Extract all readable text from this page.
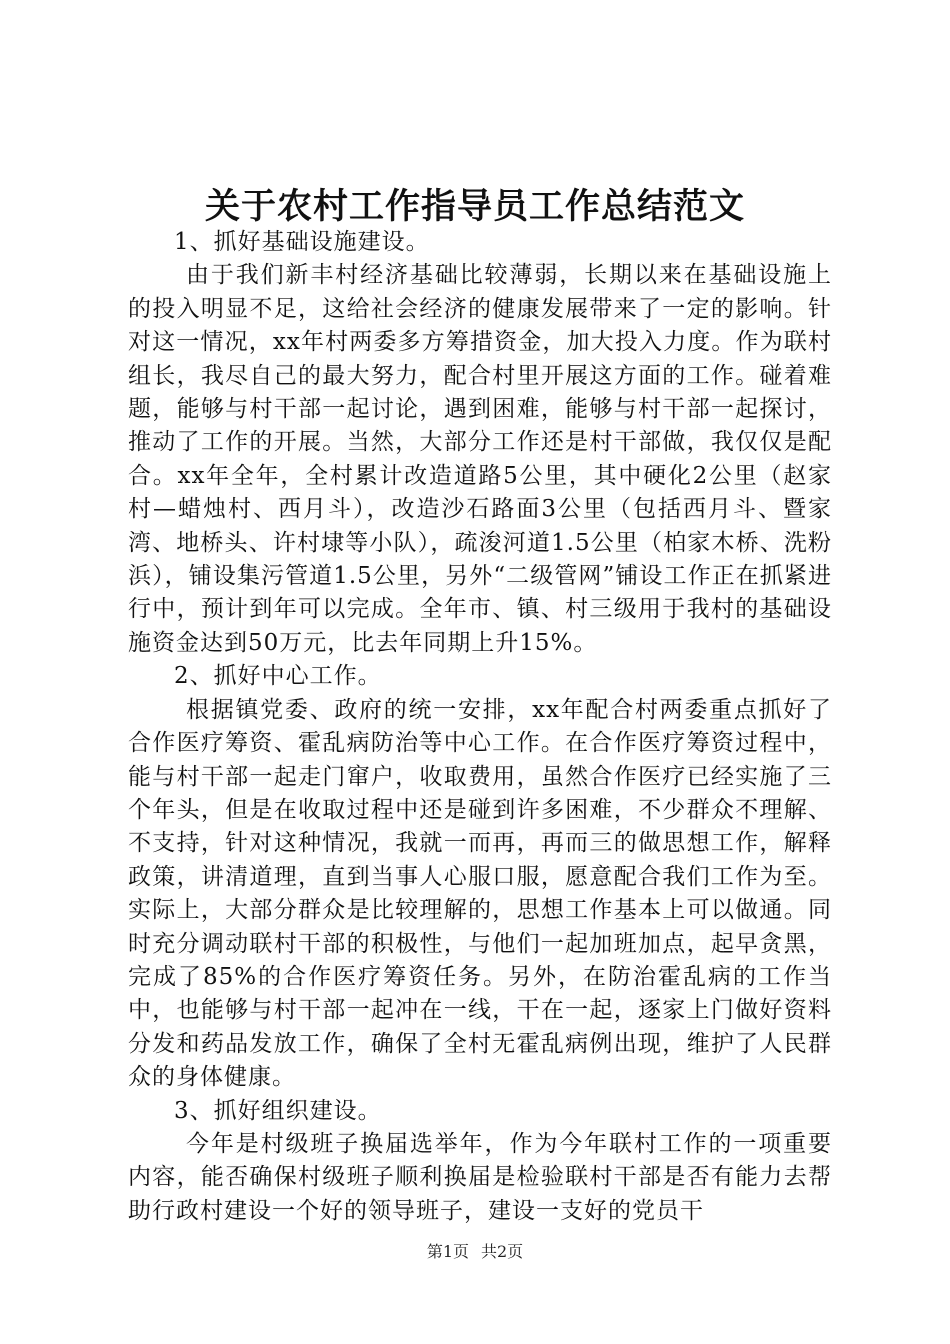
关于农村工作指导员工作总结范文

1、抓好基础设施建设。

由于我们新丰村经济基础比较薄弱，长期以来在基础设施上的投入明显不足，这给社会经济的健康发展带来了一定的影响。针对这一情况，xx年村两委多方筹措资金，加大投入力度。作为联村组长，我尽自己的最大努力，配合村里开展这方面的工作。碰着难题，能够与村干部一起讨论，遇到困难，能够与村干部一起探讨，推动了工作的开展。当然，大部分工作还是村干部做，我仅仅是配合。xx年全年，全村累计改造道路5公里，其中硬化2公里（赵家村—蜡烛村、西月斗），改造沙石路面3公里（包括西月斗、暨家湾、地桥头、许村埭等小队），疏浚河道1.5公里（柏家木桥、洗粉浜），铺设集污管道1.5公里，另外“二级管网”铺设工作正在抓紧进行中，预计到年可以完成。全年市、镇、村三级用于我村的基础设施资金达到50万元，比去年同期上升15%。

2、抓好中心工作。

根据镇党委、政府的统一安排，xx年配合村两委重点抓好了合作医疗筹资、霍乱病防治等中心工作。在合作医疗筹资过程中，能与村干部一起走门窜户，收取费用，虽然合作医疗已经实施了三个年头，但是在收取过程中还是碰到许多困难，不少群众不理解、不支持，针对这种情况，我就一而再，再而三的做思想工作，解释政策，讲清道理，直到当事人心服口服，愿意配合我们工作为至。实际上，大部分群众是比较理解的，思想工作基本上可以做通。同时充分调动联村干部的积极性，与他们一起加班加点，起早贪黑，完成了85%的合作医疗筹资任务。另外，在防治霍乱病的工作当中，也能够与村干部一起冲在一线，干在一起，逐家上门做好资料分发和药品发放工作，确保了全村无霍乱病例出现，维护了人民群众的身体健康。

3、抓好组织建设。

今年是村级班子换届选举年，作为今年联村工作的一项重要内容，能否确保村级班子顺利换届是检验联村干部是否有能力去帮助行政村建设一个好的领导班子，建设一支好的党员干

第1页 共2页
